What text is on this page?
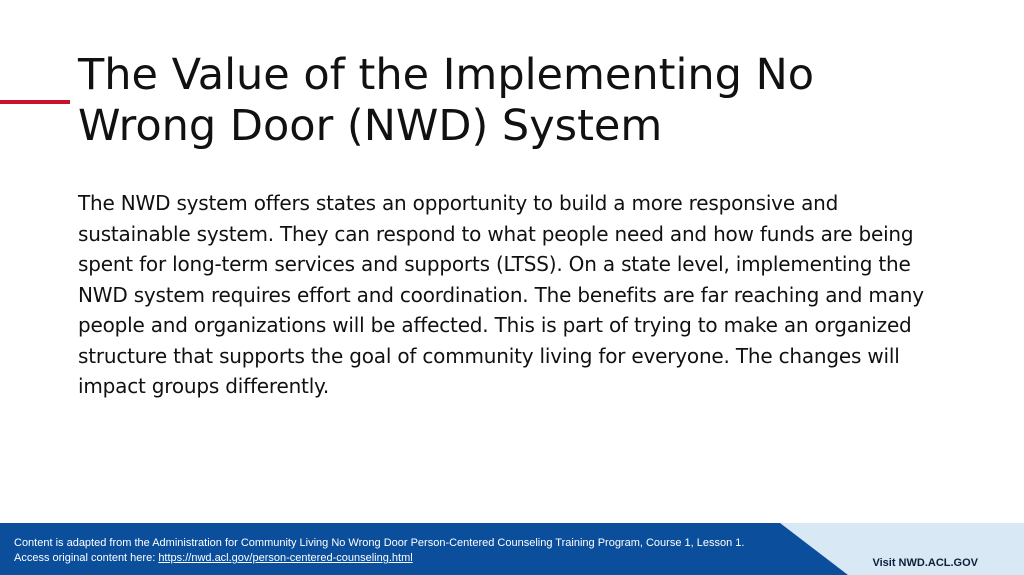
The Value of the Implementing No Wrong Door (NWD) System

The NWD system offers states an opportunity to build a more responsive and sustainable system. They can respond to what people need and how funds are being spent for long-term services and supports (LTSS). On a state level, implementing the NWD system requires effort and coordination. The benefits are far reaching and many people and organizations will be affected. This is part of trying to make an organized structure that supports the goal of community living for everyone. The changes will impact groups differently.

Content is adapted from the Administration for Community Living No Wrong Door Person-Centered Counseling Training Program, Course 1, Lesson 1.
Access original content here: https://nwd.acl.gov/person-centered-counseling.html	Visit NWD.ACL.GOV
